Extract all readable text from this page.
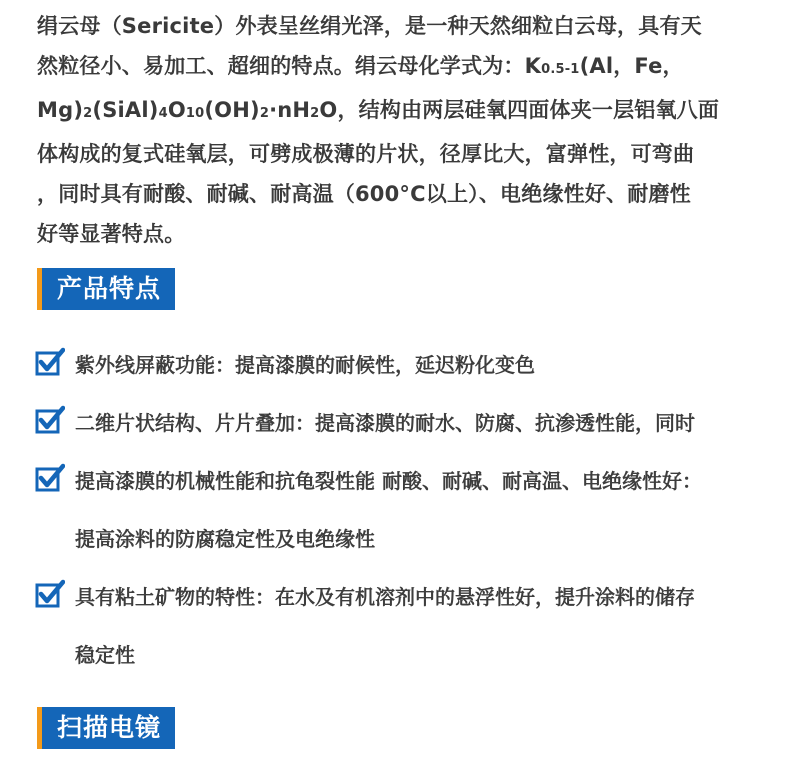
绢云母（Sericite）外表呈丝绢光泽，是一种天然细粒白云母，具有天
然粒径小、易加工、超细的特点。绢云母化学式为：K0.5-1(Al，Fe，
Mg)2(SiAl)4O10(OH)2·nH2O，结构由两层硅氧四面体夹一层铝氧八面
体构成的复式硅氧层，可劈成极薄的片状，径厚比大，富弹性，可弯曲
，同时具有耐酸、耐碱、耐高温（600°C以上）、电绝缘性好、耐磨性
好等显著特点。
产品特点
紫外线屏蔽功能：提高漆膜的耐候性，延迟粉化变色
二维片状结构、片片叠加：提高漆膜的耐水、防腐、抗渗透性能，同时
提高漆膜的机械性能和抗龟裂性能 耐酸、耐碱、耐高温、电绝缘性好：
提高涂料的防腐稳定性及电绝缘性
具有粘土矿物的特性：在水及有机溶剂中的悬浮性好，提升涂料的储存
稳定性
扫描电镜
